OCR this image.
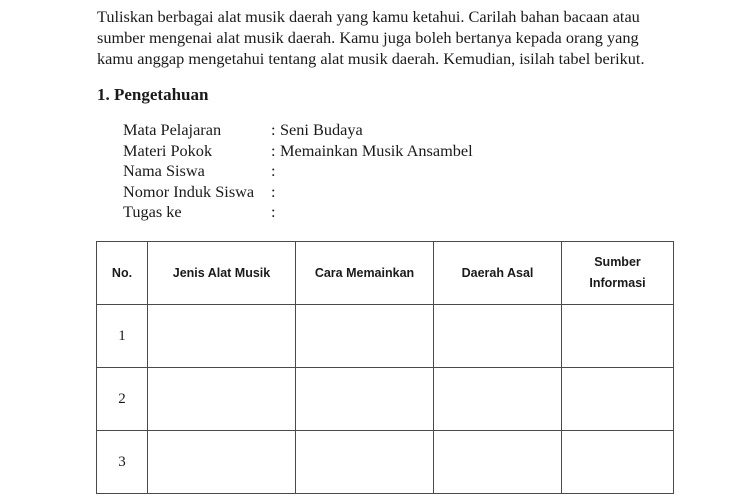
Tuliskan berbagai alat musik daerah yang kamu ketahui. Carilah bahan bacaan atau
sumber mengenai alat musik daerah. Kamu juga boleh bertanya kepada orang yang
kamu anggap mengetahui tentang alat musik daerah. Kemudian, isilah tabel berikut.

1. Pengetahuan
Mata Pelajaran	: Seni Budaya
Materi Pokok	: Memainkan Musik Ansambel
Nama Siswa	:
Nomor Induk Siswa	:
Tugas ke	:
No.	Jenis Alat Musik	Cara Memainkan	Daerah Asal	Sumber
Informasi

1				
2				
3				
